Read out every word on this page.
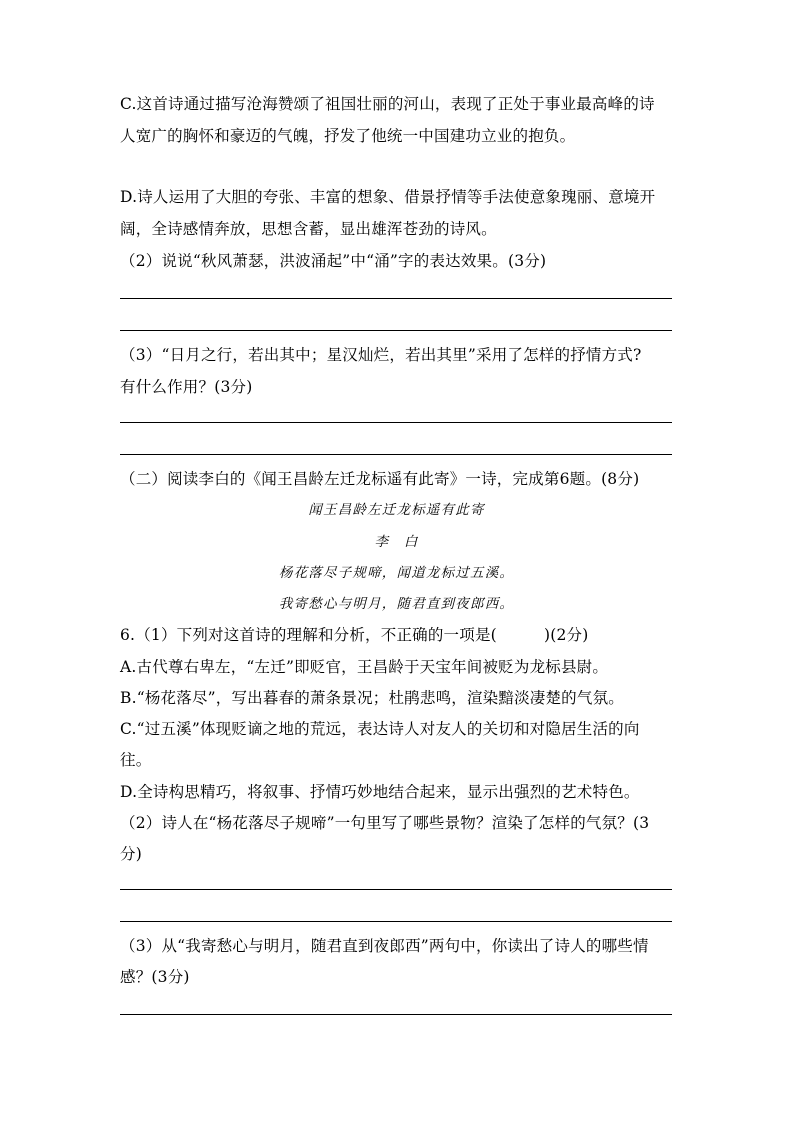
C.这首诗通过描写沧海赞颂了祖国壮丽的河山，表现了正处于事业最高峰的诗
人宽广的胸怀和豪迈的气魄，抒发了他统一中国建功立业的抱负。
D.诗人运用了大胆的夸张、丰富的想象、借景抒情等手法使意象瑰丽、意境开
阔，全诗感情奔放，思想含蓄，显出雄浑苍劲的诗风。
（2）说说“秋风萧瑟，洪波涌起”中“涌”字的表达效果。(3分)
（3）“日月之行，若出其中；星汉灿烂，若出其里”采用了怎样的抒情方式?
有什么作用？(3分)
（二）阅读李白的《闻王昌龄左迁龙标遥有此寄》一诗，完成第6题。(8分)
闻王昌龄左迁龙标遥有此寄
李　白
杨花落尽子规啼，闻道龙标过五溪。
我寄愁心与明月，随君直到夜郎西。
6.（1）下列对这首诗的理解和分析，不正确的一项是(　　　)(2分)
A.古代尊右卑左，“左迁”即贬官，王昌龄于天宝年间被贬为龙标县尉。
B.“杨花落尽”，写出暮春的萧条景况；杜鹃悲鸣，渲染黯淡凄楚的气氛。
C.“过五溪”体现贬谪之地的荒远，表达诗人对友人的关切和对隐居生活的向
往。
D.全诗构思精巧，将叙事、抒情巧妙地结合起来，显示出强烈的艺术特色。
（2）诗人在“杨花落尽子规啼”一句里写了哪些景物？渲染了怎样的气氛？(3
分)
（3）从“我寄愁心与明月，随君直到夜郎西”两句中，你读出了诗人的哪些情
感？(3分)
